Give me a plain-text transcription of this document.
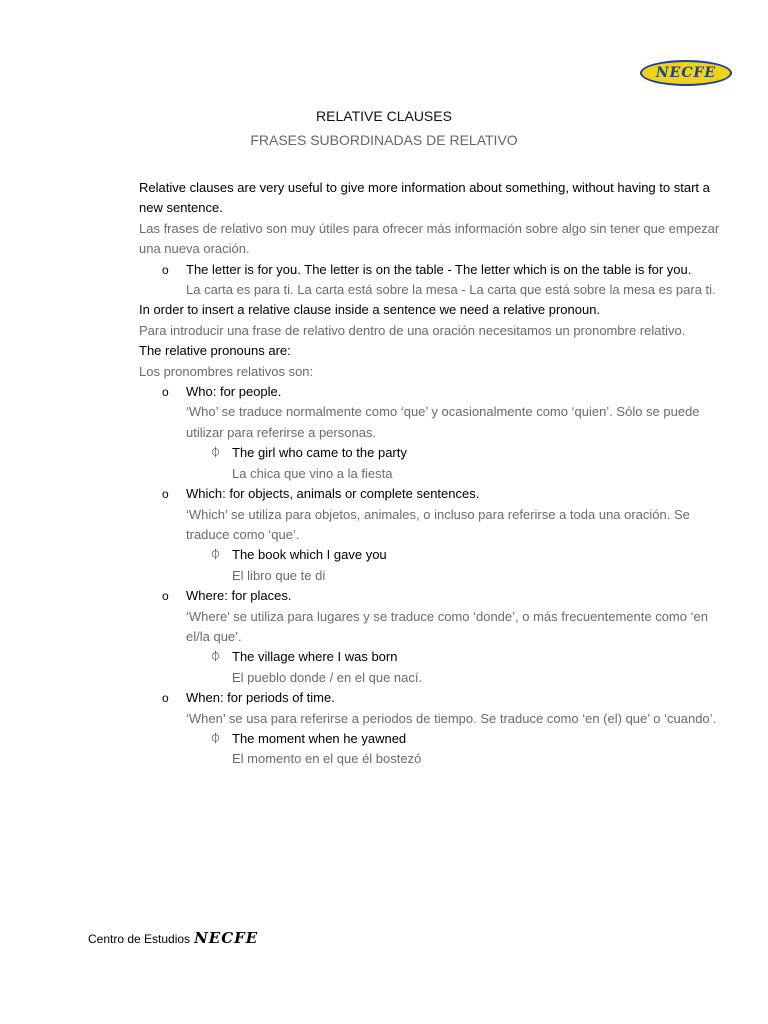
NECFE
RELATIVE CLAUSES
FRASES SUBORDINADAS DE RELATIVO

Relative clauses are very useful to give more information about something, without having to start a new sentence.

Las frases de relativo son muy útiles para ofrecer más información sobre algo sin tener que empezar una nueva oración.

o The letter is for you. The letter is on the table - The letter which is on the table is for you.

La carta es para ti. La carta está sobre la mesa - La carta que está sobre la mesa es para ti.

In order to insert a relative clause inside a sentence we need a relative pronoun.

Para introducir una frase de relativo dentro de una oración necesitamos un pronombre relativo.

The relative pronouns are:

Los pronombres relativos son:

o Who: for people.

‘Who’ se traduce normalmente como ‘que’ y ocasionalmente como ‘quien’. Sólo se puede utilizar para referirse a personas.

⏀ The girl who came to the party

La chica que vino a la fiesta

o Which: for objects, animals or complete sentences.

‘Which’ se utiliza para objetos, animales, o incluso para referirse a toda una oración. Se traduce como ‘que’.

⏀ The book which I gave you

El libro que te di

o Where: for places.

‘Where’ se utiliza para lugares y se traduce como ‘donde’, o más frecuentemente como ‘en el/la que’.

⏀ The village where I was born

El pueblo donde / en el que nací.

o When: for periods of time.

‘When’ se usa para referirse a periodos de tiempo. Se traduce como ‘en (el) que’ o ‘cuando’.

⏀ The moment when he yawned

El momento en el que él bostezó

Centro de Estudios NECFE
